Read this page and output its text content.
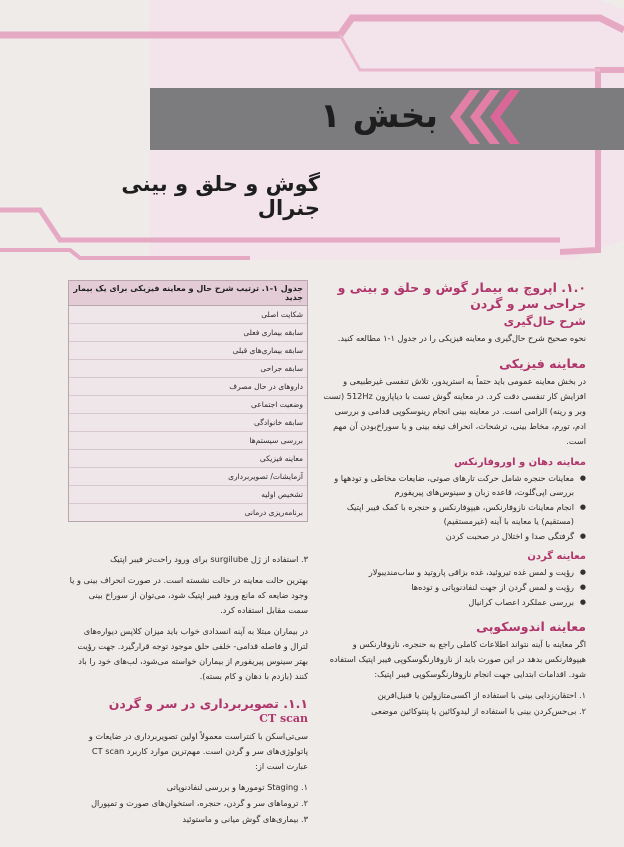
بخش ۱
گوش و حلق و بینی جنرال
جدول ۱-۱. ترتیب شرح حال و معاینه فیزیکی برای یک بیمار جدید
شکایت اصلی
سابقه بیماری فعلی
سابقه بیماری‌های قبلی
سابقه جراحی
داروهای در حال مصرف
وضعیت اجتماعی
سابقه خانوادگی
بررسی سیستم‌ها
معاینه فیزیکی
آزمایشات/ تصویربرداری
تشخیص اولیه
برنامه‌ریزی درمانی

۳. استفاده از ژل surgilube برای ورود راحت‌تر فیبر اپتیک

بهترین حالت معاینه در حالت نشسته است. در صورت انحراف بینی و یا وجود ضایعه که مانع ورود فیبر اپتیک شود، می‌توان از سوراخ بینی سمت مقابل استفاده کرد.

در بیماران مبتلا به آپنه انسدادی خواب باید میزان کلاپس دیواره‌های لترال و فاصله قدامی- خلفی حلق موجود توجه قرارگیرد. جهت رؤیت بهتر سینوس پیریفورم از بیماران خواسته می‌شود، لب‌های خود را باد کنند (بازدم با دهان و کام بسته).

۱.۱. تصویربرداری در سر و گردن
CT scan

سی‌تی‌اسکن با کنتراست معمولاً اولین تصویربرداری در ضایعات و پاتولوژی‌های سر و گردن است. مهم‌ترین موارد کاربرد CT scan عبارت است از:

۱. Staging تومورها و بررسی لنفادنوپاتی
۲. تروماهای سر و گردن، حنجره، استخوان‌های صورت و تمپورال
۳. بیماری‌های گوش میانی و ماستوئید
۱.۰. اپروچ به بیمار گوش و حلق و بینی و جراحی سر و گردن
شرح حال‌گیری

نحوه صحیح شرح حال‌گیری و معاینه فیزیکی را در جدول ۱-۱ مطالعه کنید.

معاینه فیزیکی

در بخش معاینه عمومی باید حتماً به استریدور، تلاش تنفسی غیرطبیعی و افزایش کار تنفسی دقت کرد. در معاینه گوش تست با دیاپازون 512Hz (تست وبر و رینه) الزامی است. در معاینه بینی انجام رینوسکوپی قدامی و بررسی ادم، تورم، مخاط بینی، ترشحات، انحراف تیغه بینی و یا سوراخ‌بودن آن مهم است.

معاینه دهان و اوروفارنکس
● معاینات حنجره شامل حرکت تارهای صوتی، ضایعات مخاطی و تودهها و بررسی اپی‌گلوت، قاعده زبان و سینوس‌های پیریفورم
● انجام معاینات نازوفارنکس، هیپوفارنکس و حنجره با کمک فیبر اپتیک (مستقیم) یا معاینه با آینه (غیرمستقیم)
● گرفتگی صدا و اختلال در صحبت کردن
معاینه گردن
● رؤیت و لمس غده تیروئید، غده بزاقی پاروتید و ساب‌مندیبولار
● رؤیت و لمس گردن از جهت لنفادنوپاتی و توده‌ها
● بررسی عملکرد اعصاب کرانیال
معاینه اندوسکوپی

اگر معاینه با آینه نتواند اطلاعات کاملی راجع به حنجره، نازوفارنکس و هیپوفارنکس بدهد در این صورت باید از نازوفارنگوسکوپی فیبر اپتیک استفاده شود. اقدامات ابتدایی جهت انجام نازوفارنگوسکوپی فیبر اپتیک:

۱. احتقان‌زدایی بینی با استفاده از اکسی‌متازولین یا فنیل‌افرین
۲. بی‌حس‌کردن بینی با استفاده از لیدوکائین یا پنتوکائین موضعی
